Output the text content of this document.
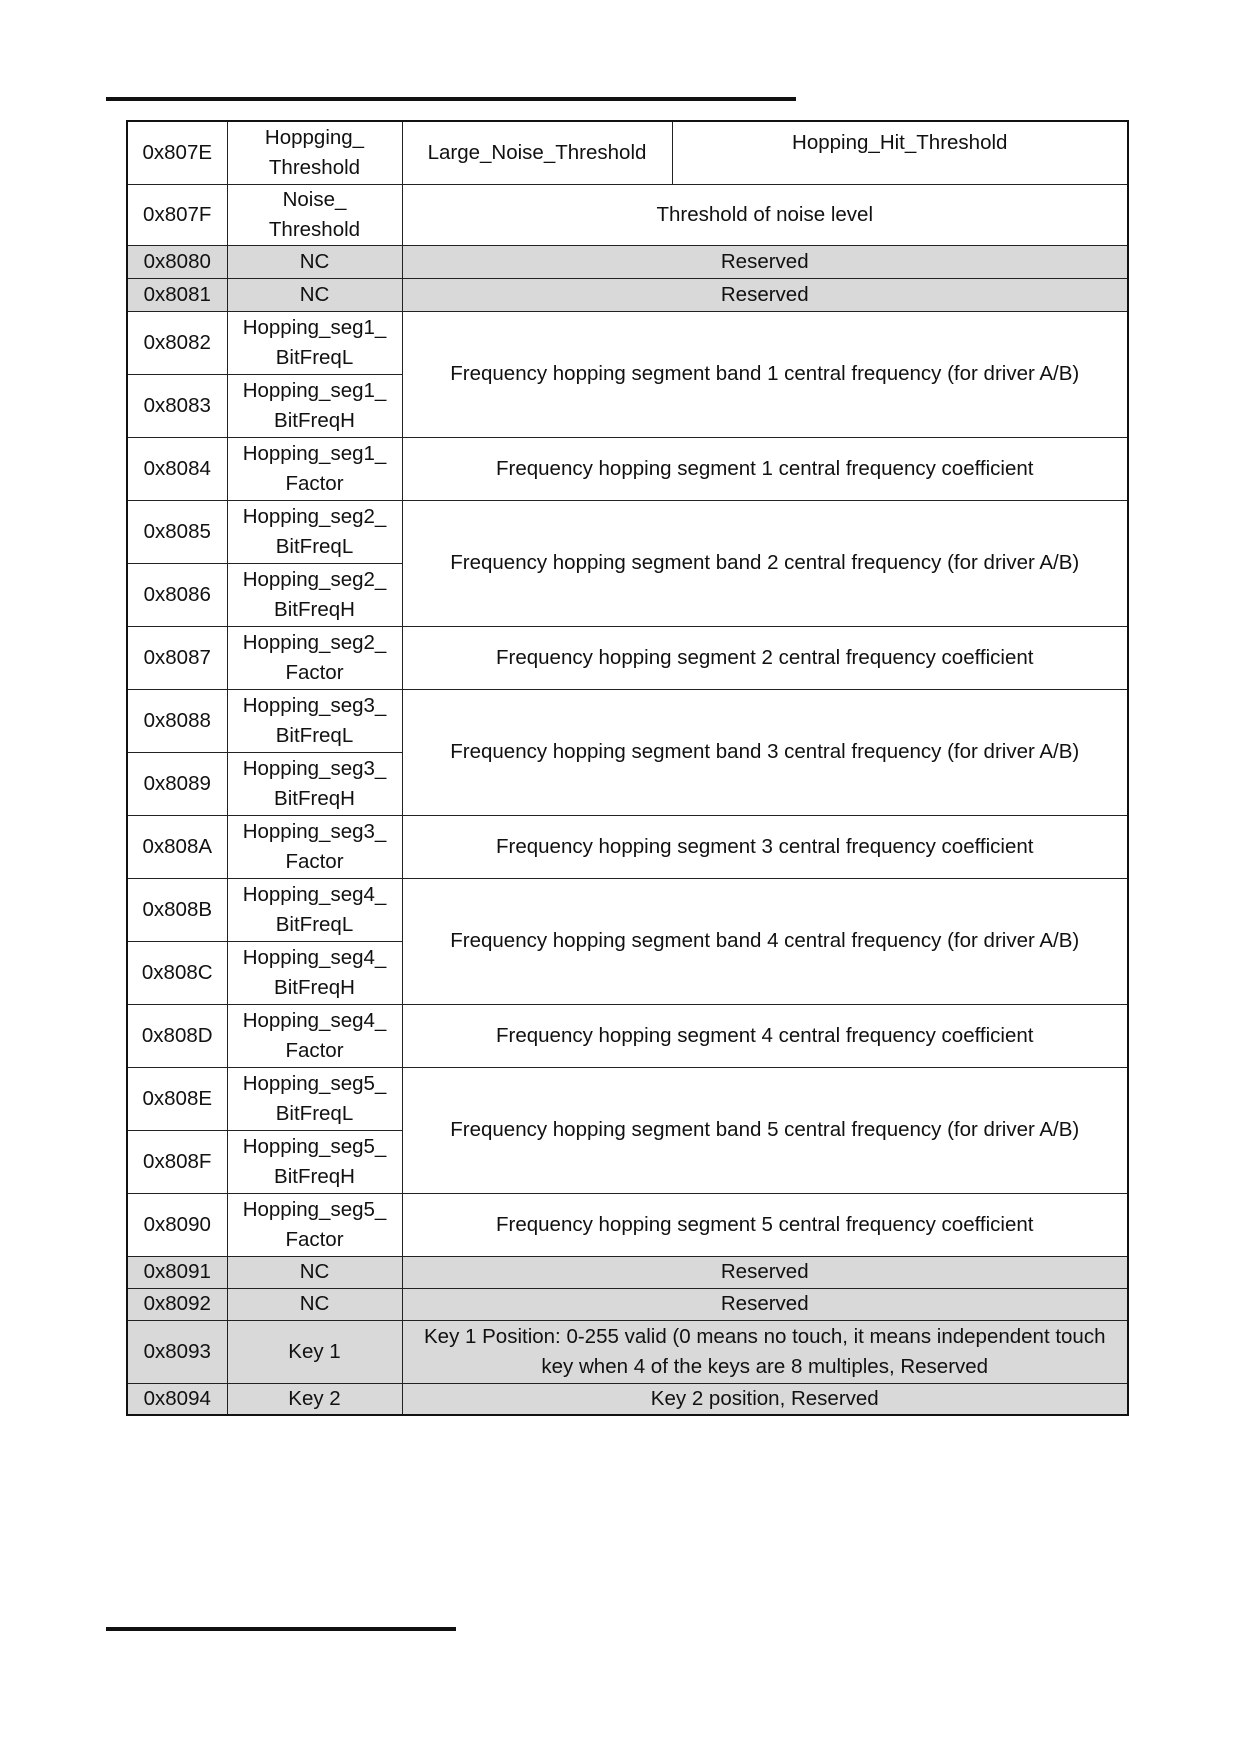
0x807E	Hoppging_
Threshold	Large_Noise_Threshold	Hopping_Hit_Threshold
0x807F	Noise_
Threshold	Threshold of noise level	
0x8080	NC	Reserved	
0x8081	NC	Reserved	
0x8082	Hopping_seg1_
BitFreqL	Frequency hopping segment band 1 central frequency (for driver A/B)	
0x8083	Hopping_seg1_
BitFreqH		
0x8084	Hopping_seg1_
Factor	Frequency hopping segment 1 central frequency coefficient	
0x8085	Hopping_seg2_
BitFreqL	Frequency hopping segment band 2 central frequency (for driver A/B)	
0x8086	Hopping_seg2_
BitFreqH		
0x8087	Hopping_seg2_
Factor	Frequency hopping segment 2 central frequency coefficient	
0x8088	Hopping_seg3_
BitFreqL	Frequency hopping segment band 3 central frequency (for driver A/B)	
0x8089	Hopping_seg3_
BitFreqH		
0x808A	Hopping_seg3_
Factor	Frequency hopping segment 3 central frequency coefficient	
0x808B	Hopping_seg4_
BitFreqL	Frequency hopping segment band 4 central frequency (for driver A/B)	
0x808C	Hopping_seg4_
BitFreqH		
0x808D	Hopping_seg4_
Factor	Frequency hopping segment 4 central frequency coefficient	
0x808E	Hopping_seg5_
BitFreqL	Frequency hopping segment band 5 central frequency (for driver A/B)	
0x808F	Hopping_seg5_
BitFreqH		
0x8090	Hopping_seg5_
Factor	Frequency hopping segment 5 central frequency coefficient	
0x8091	NC	Reserved	
0x8092	NC	Reserved	
0x8093	Key 1	Key 1 Position: 0-255 valid (0 means no touch, it means independent touch key when 4 of the keys are 8 multiples, Reserved	
0x8094	Key 2	Key 2 position, Reserved	
